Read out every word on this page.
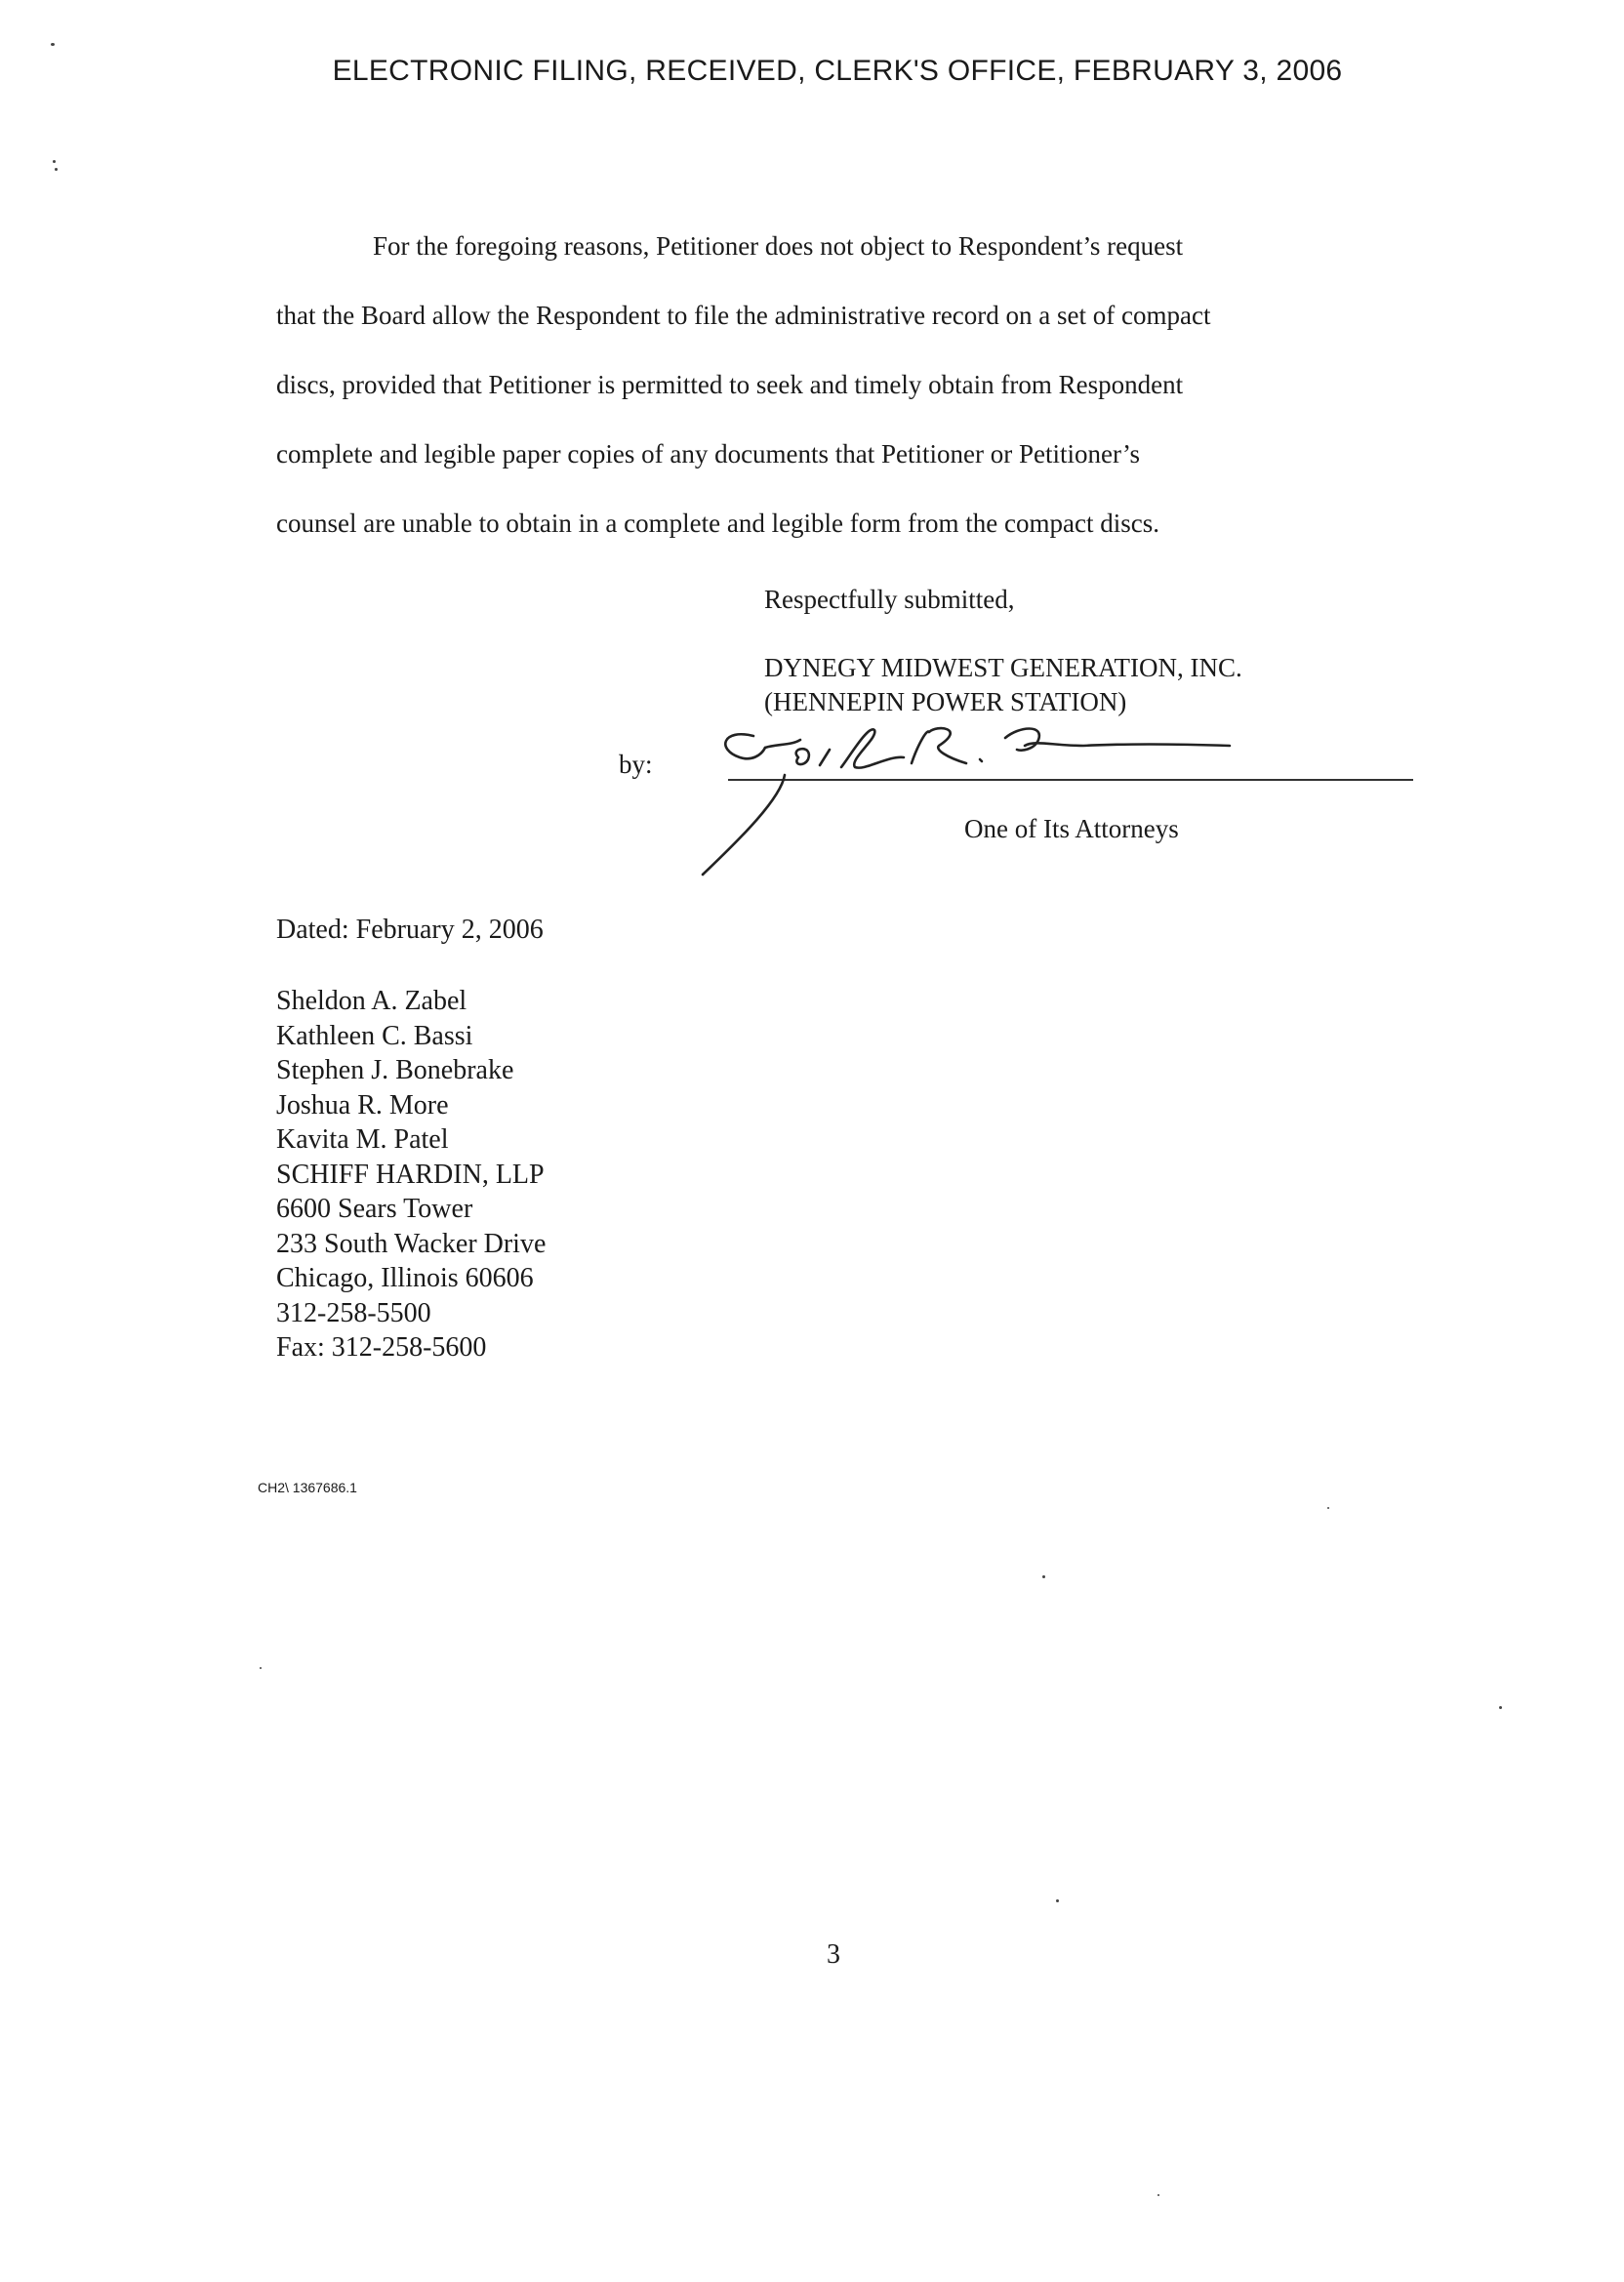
ELECTRONIC FILING, RECEIVED, CLERK'S OFFICE, FEBRUARY 3, 2006
For the foregoing reasons, Petitioner does not object to Respondent’s request
that the Board allow the Respondent to file the administrative record on a set of compact
discs, provided that Petitioner is permitted to seek and timely obtain from Respondent
complete and legible paper copies of any documents that Petitioner or Petitioner’s
counsel are unable to obtain in a complete and legible form from the compact discs.
Respectfully submitted,
DYNEGY MIDWEST GENERATION, INC.
(HENNEPIN POWER STATION)
by:
One of Its Attorneys
Dated: February 2, 2006
Sheldon A. Zabel
Kathleen C. Bassi
Stephen J. Bonebrake
Joshua R. More
Kavita M. Patel
SCHIFF HARDIN, LLP
6600 Sears Tower
233 South Wacker Drive
Chicago, Illinois 60606
312-258-5500
Fax: 312-258-5600
CH2\ 1367686.1
3
